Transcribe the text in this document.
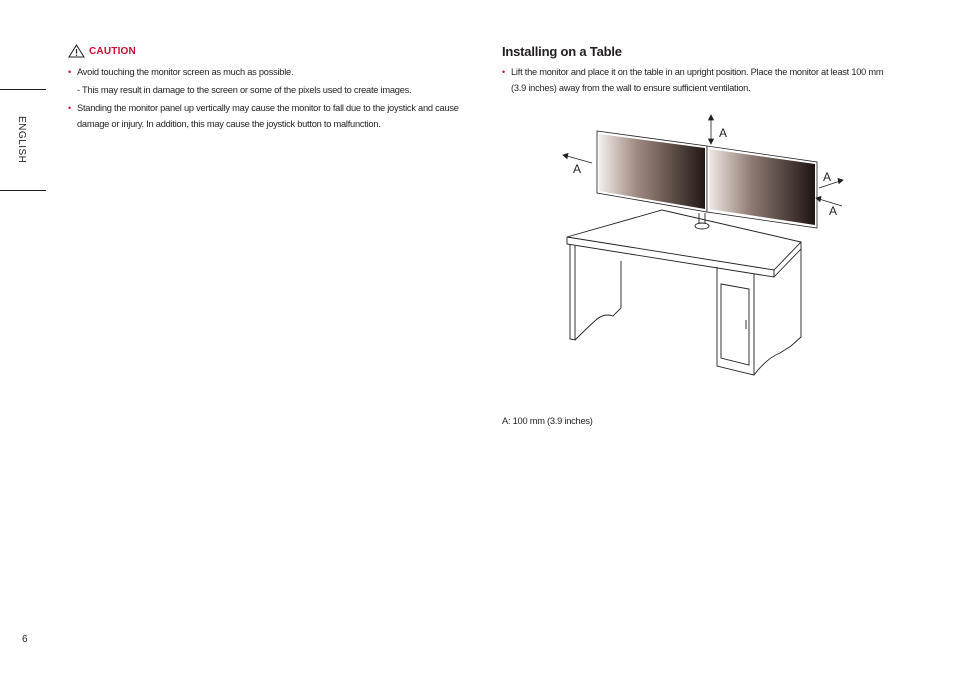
ENGLISH
CAUTION
• Avoid touching the monitor screen as much as possible.
- This may result in damage to the screen or some of the pixels used to create images.
• Standing the monitor panel up vertically may cause the monitor to fall due to the joystick and cause damage or injury. In addition, this may cause the joystick button to malfunction.
Installing on a Table
• Lift the monitor and place it on the table in an upright position. Place the monitor at least 100 mm (3.9 inches) away from the wall to ensure sufficient ventilation.
A
A
A
A
A: 100 mm (3.9 inches)
6
